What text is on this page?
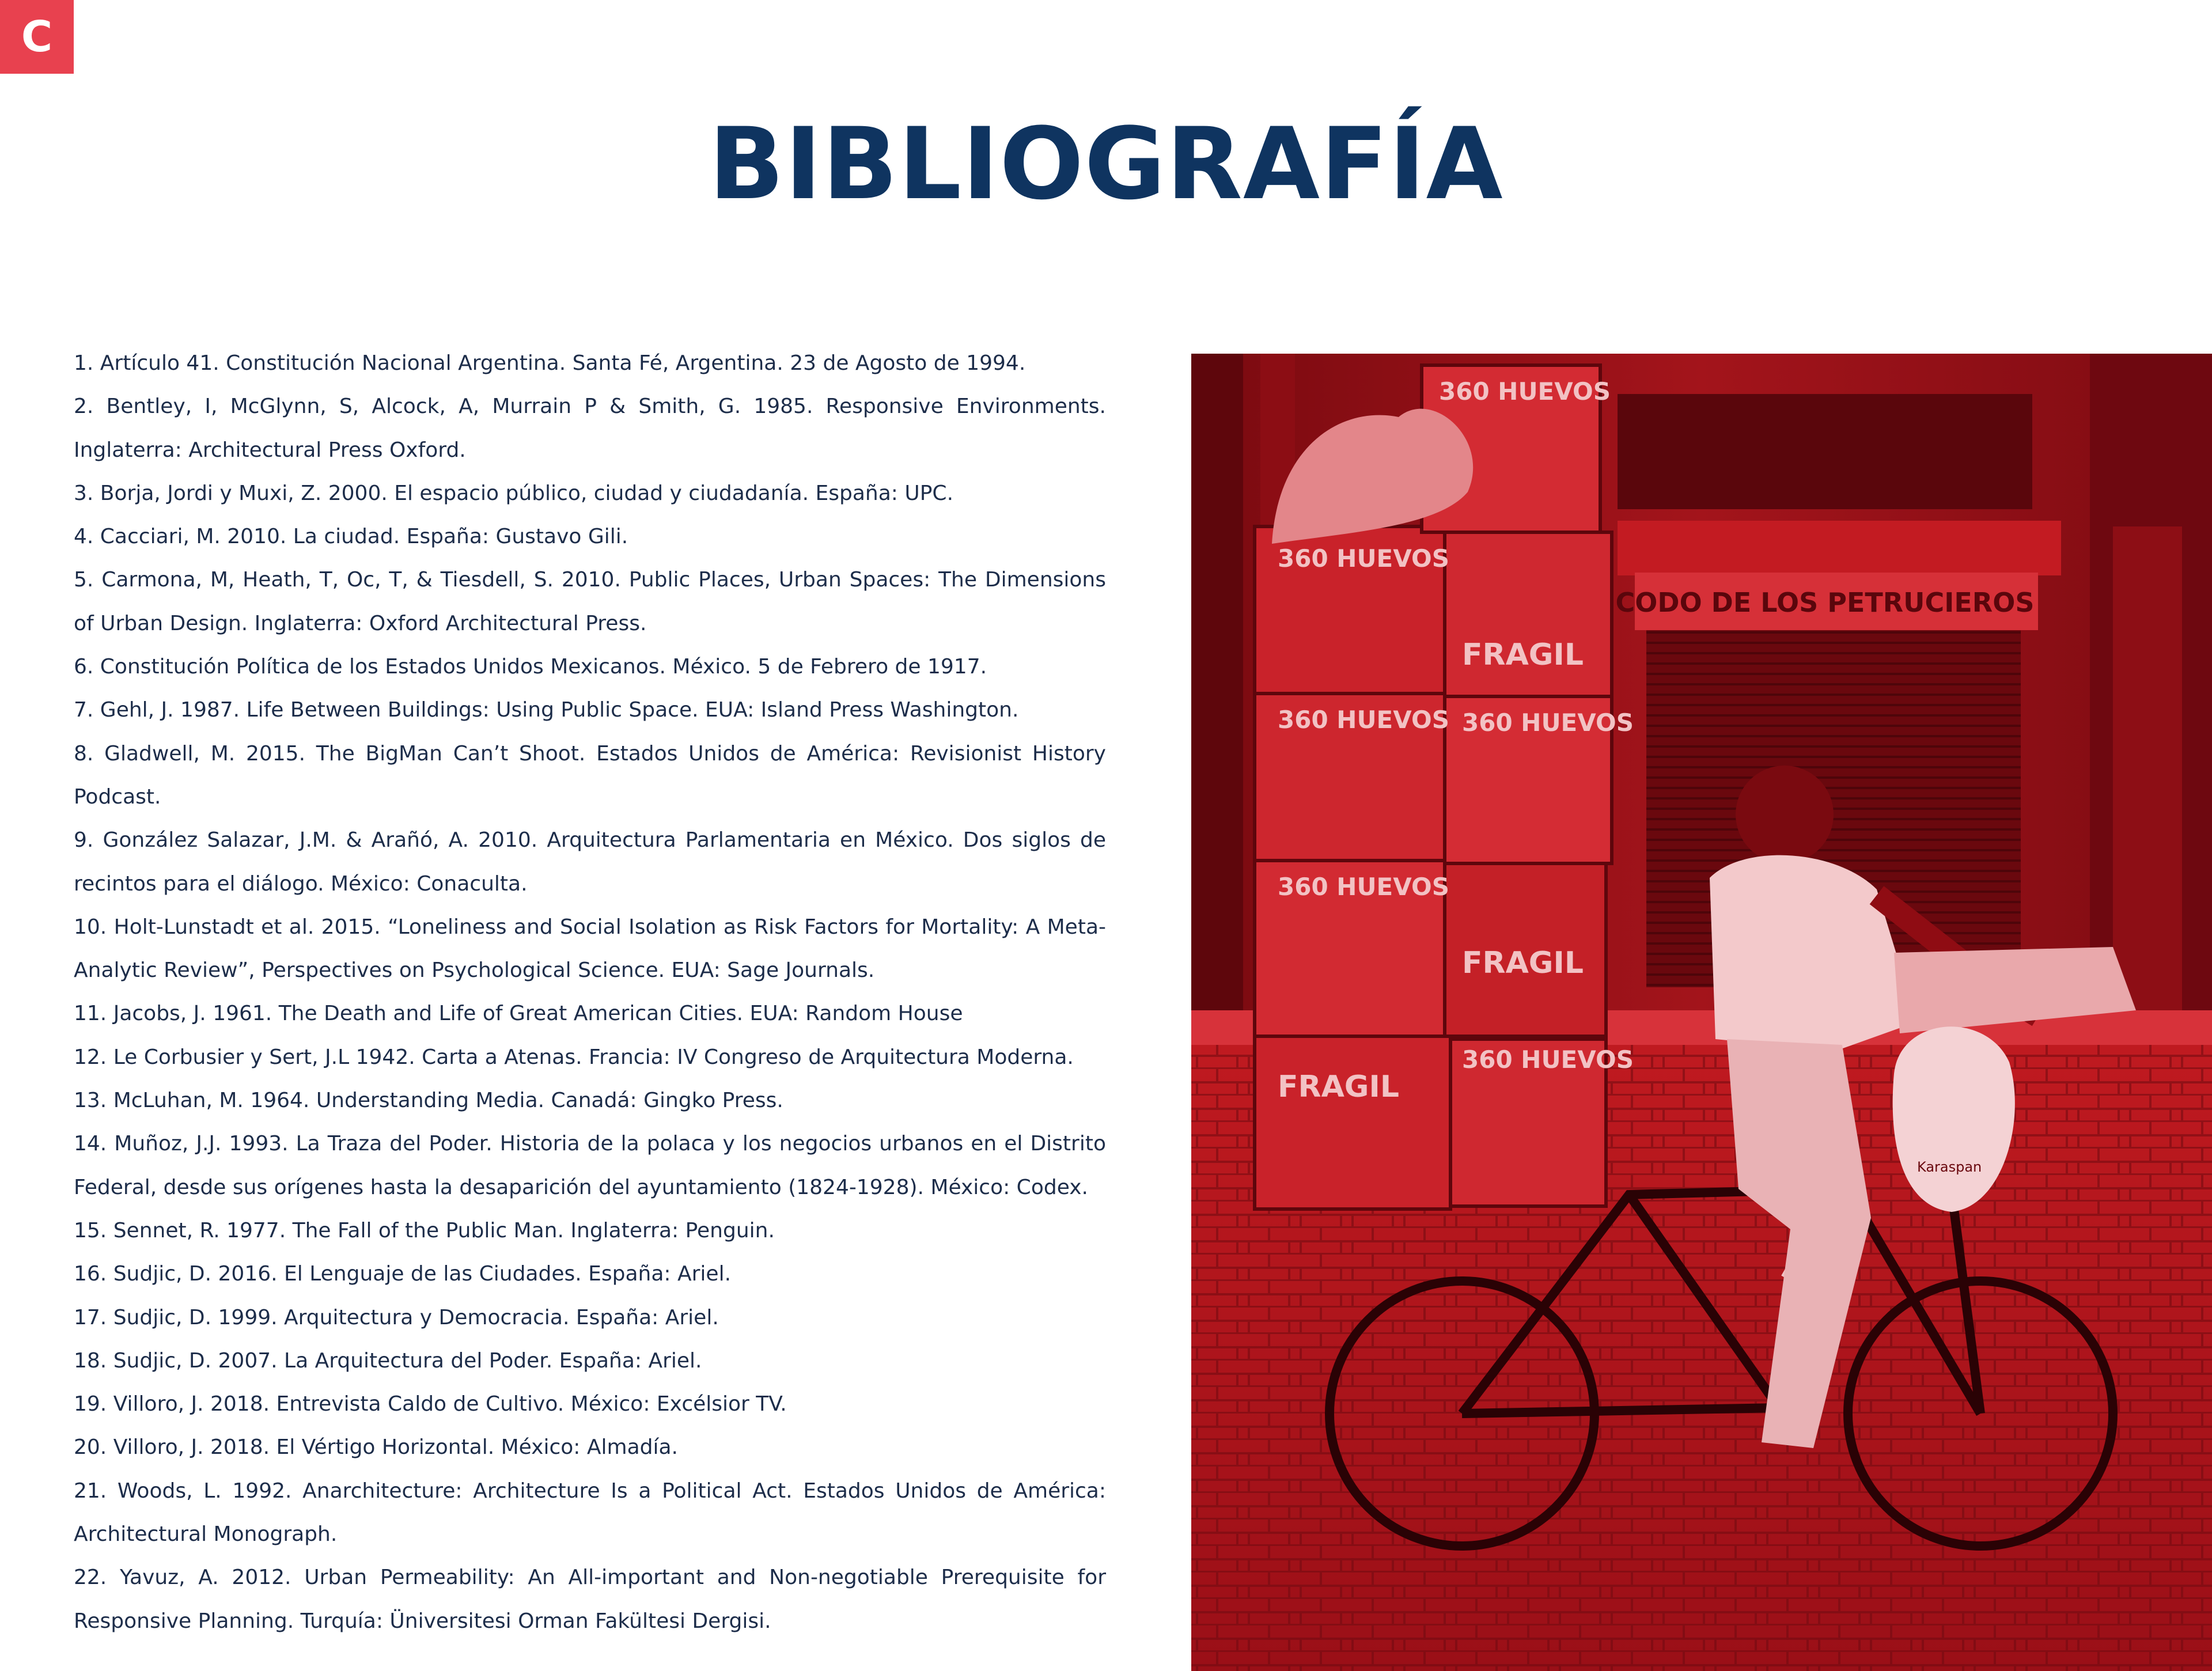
C
BIBLIOGRAFÍA

1. Artículo 41. Constitución Nacional Argentina. Santa Fé, Argentina. 23 de Agosto de 1994.

2. Bentley, I, McGlynn, S, Alcock, A, Murrain P & Smith, G. 1985. Responsive Environments. Inglaterra: Architectural Press Oxford.

3. Borja, Jordi y Muxi, Z. 2000. El espacio público, ciudad y ciudadanía. España: UPC.

4. Cacciari, M. 2010. La ciudad. España: Gustavo Gili.

5. Carmona, M, Heath, T, Oc, T, & Tiesdell, S. 2010. Public Places, Urban Spaces: The Dimensions of Urban Design. Inglaterra: Oxford Architectural Press.

6. Constitución Política de los Estados Unidos Mexicanos. México. 5 de Febrero de 1917.

7. Gehl, J. 1987. Life Between Buildings: Using Public Space. EUA: Island Press Washington.

8. Gladwell, M. 2015. The BigMan Can’t Shoot. Estados Unidos de América: Revisionist History Podcast.

9. González Salazar, J.M. & Arañó, A. 2010. Arquitectura Parlamentaria en México. Dos siglos de recintos para el diálogo. México: Conaculta.

10. Holt-Lunstadt et al. 2015. “Loneliness and Social Isolation as Risk Factors for Mortality: A Meta-Analytic Review”, Perspectives on Psychological Science. EUA: Sage Journals.

11. Jacobs, J. 1961. The Death and Life of Great American Cities. EUA: Random House

12. Le Corbusier y Sert, J.L 1942. Carta a Atenas. Francia: IV Congreso de Arquitectura Moderna.

13. McLuhan, M. 1964. Understanding Media. Canadá: Gingko Press.

14. Muñoz, J.J. 1993. La Traza del Poder. Historia de la polaca y los negocios urbanos en el Distrito Federal, desde sus orígenes hasta la desaparición del ayuntamiento (1824-1928). México: Codex.

15. Sennet, R. 1977. The Fall of the Public Man. Inglaterra: Penguin.

16. Sudjic, D. 2016. El Lenguaje de las Ciudades. España: Ariel.

17. Sudjic, D. 1999. Arquitectura y Democracia. España: Ariel.

18. Sudjic, D. 2007. La Arquitectura del Poder. España: Ariel.

19. Villoro, J. 2018. Entrevista Caldo de Cultivo. México: Excélsior TV.

20. Villoro, J. 2018. El Vértigo Horizontal. México: Almadía.

21. Woods, L. 1992. Anarchitecture: Architecture Is a Political Act. Estados Unidos de América: Architectural Monograph.

22. Yavuz, A. 2012. Urban Permeability: An All-important and Non-negotiable Prerequisite for Responsive Planning. Turquía: Üniversitesi Orman Fakültesi Dergisi.

CODO DE LOS PETRUCIEROS
FRAGIL
360 HUEVOS
360 HUEVOS
FRAGIL
360 HUEVOS 360 HUEVOS
360 HUEVOS
FRAGIL
360 HUEVOS
Karaspan
